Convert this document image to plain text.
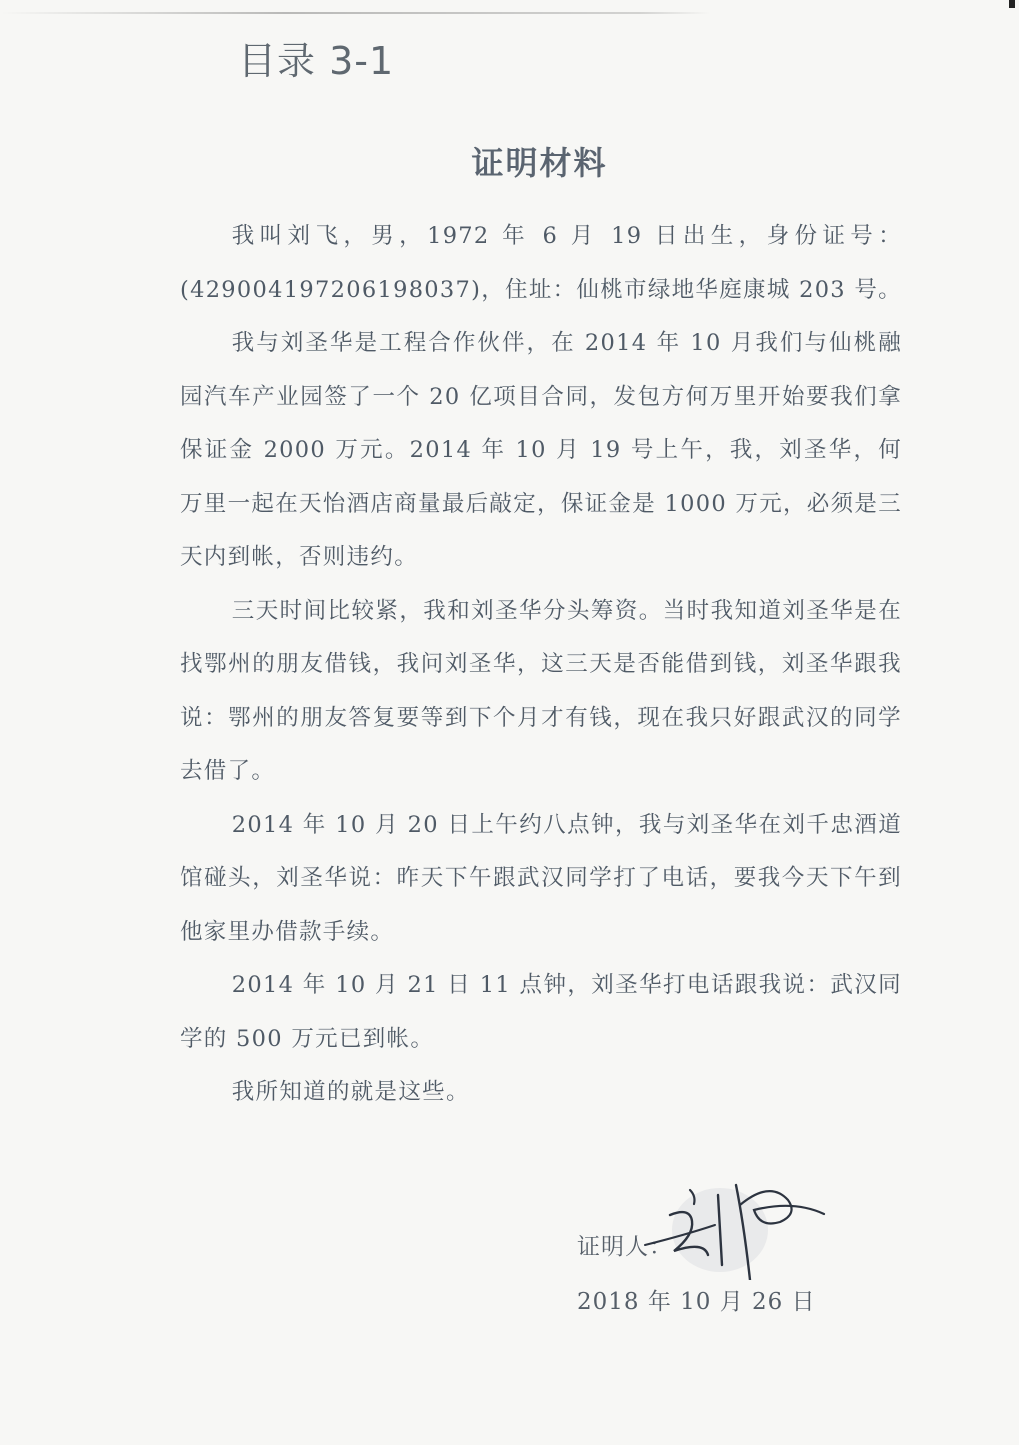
目录 3-1
证明材料

我叫刘飞，男，1972 年 6 月 19 日出生，身份证号：(429004197206198037)，住址：仙桃市绿地华庭康城 203 号。

我与刘圣华是工程合作伙伴，在 2014 年 10 月我们与仙桃融园汽车产业园签了一个 20 亿项目合同，发包方何万里开始要我们拿保证金 2000 万元。2014 年 10 月 19 号上午，我，刘圣华，何万里一起在天怡酒店商量最后敲定，保证金是 1000 万元，必须是三天内到帐，否则违约。

三天时间比较紧，我和刘圣华分头筹资。当时我知道刘圣华是在找鄂州的朋友借钱，我问刘圣华，这三天是否能借到钱，刘圣华跟我说：鄂州的朋友答复要等到下个月才有钱，现在我只好跟武汉的同学去借了。

2014 年 10 月 20 日上午约八点钟，我与刘圣华在刘千忠酒道馆碰头，刘圣华说：昨天下午跟武汉同学打了电话，要我今天下午到他家里办借款手续。

2014 年 10 月 21 日 11 点钟，刘圣华打电话跟我说：武汉同学的 500 万元已到帐。

我所知道的就是这些。

证明人：
2018 年 10 月 26 日
